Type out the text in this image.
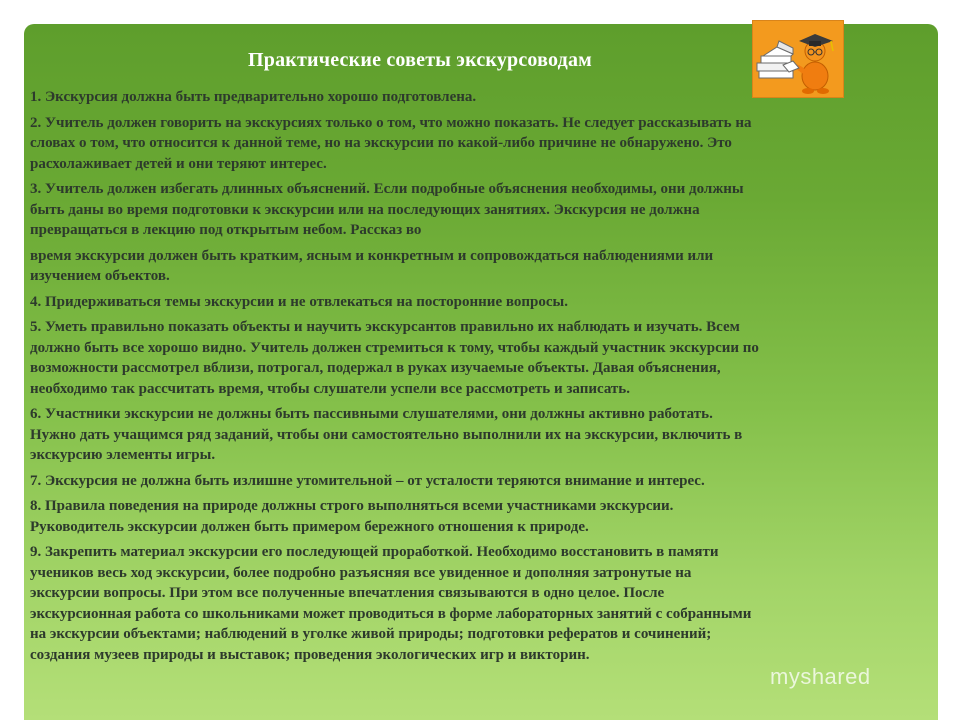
Практические советы экскурсоводам

1. Экскурсия должна быть предварительно хорошо подготовлена.

2. Учитель должен говорить на экскурсиях только о том, что можно показать. Не следует рассказывать на
словах о том, что относится к данной теме, но на экскурсии по какой-либо причине не обнаружено. Это
расхолаживает детей и они теряют интерес.

3. Учитель должен избегать длинных объяснений. Если подробные объяснения необходимы, они должны
быть даны во время подготовки к экскурсии или на последующих занятиях. Экскурсия не должна
превращаться в лекцию под открытым небом. Рассказ во

время экскурсии должен быть кратким, ясным и конкретным и сопровождаться наблюдениями или
изучением объектов.

4. Придерживаться темы экскурсии и не отвлекаться на посторонние вопросы.

5. Уметь правильно показать объекты и научить экскурсантов правильно их наблюдать и изучать. Всем
должно быть все хорошо видно. Учитель должен стремиться к тому, чтобы каждый участник экскурсии по
возможности рассмотрел вблизи, потрогал, подержал в руках изучаемые объекты. Давая объяснения,
необходимо так рассчитать время, чтобы слушатели успели все рассмотреть и записать.

6. Участники экскурсии не должны быть пассивными слушателями, они должны активно работать.
Нужно дать учащимся ряд заданий, чтобы они самостоятельно выполнили их на экскурсии, включить в
экскурсию элементы игры.

7. Экскурсия не должна быть излишне утомительной – от усталости теряются внимание и интерес.

8. Правила поведения на природе должны строго выполняться всеми участниками экскурсии.
Руководитель экскурсии должен быть примером бережного отношения к природе.

9. Закрепить материал экскурсии его последующей проработкой. Необходимо восстановить в памяти
учеников весь ход экскурсии, более подробно разъясняя все увиденное и дополняя затронутые на
экскурсии вопросы. При этом все полученные впечатления связываются в одно целое. После
экскурсионная работа со школьниками может проводиться в форме лабораторных занятий с собранными
на экскурсии объектами; наблюдений в уголке живой природы; подготовки рефератов и сочинений;
создания музеев природы и выставок; проведения экологических игр и викторин.

myshared
